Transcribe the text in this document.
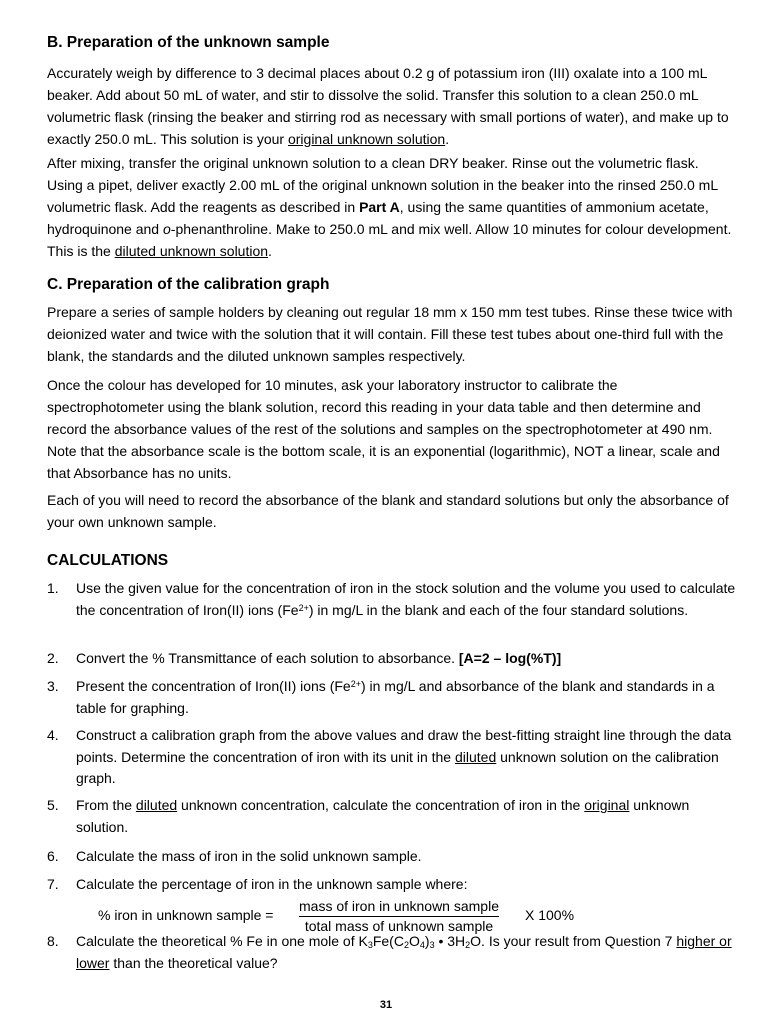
B. Preparation of the unknown sample

Accurately weigh by difference to 3 decimal places about 0.2 g of potassium iron (III) oxalate into a 100 mL beaker. Add about 50 mL of water, and stir to dissolve the solid. Transfer this solution to a clean 250.0 mL volumetric flask (rinsing the beaker and stirring rod as necessary with small portions of water), and make up to exactly 250.0 mL. This solution is your original unknown solution.

After mixing, transfer the original unknown solution to a clean DRY beaker. Rinse out the volumetric flask. Using a pipet, deliver exactly 2.00 mL of the original unknown solution in the beaker into the rinsed 250.0 mL volumetric flask. Add the reagents as described in Part A, using the same quantities of ammonium acetate, hydroquinone and o-phenanthroline. Make to 250.0 mL and mix well. Allow 10 minutes for colour development. This is the diluted unknown solution.

C. Preparation of the calibration graph

Prepare a series of sample holders by cleaning out regular 18 mm x 150 mm test tubes. Rinse these twice with deionized water and twice with the solution that it will contain. Fill these test tubes about one-third full with the blank, the standards and the diluted unknown samples respectively.

Once the colour has developed for 10 minutes, ask your laboratory instructor to calibrate the spectrophotometer using the blank solution, record this reading in your data table and then determine and record the absorbance values of the rest of the solutions and samples on the spectrophotometer at 490 nm. Note that the absorbance scale is the bottom scale, it is an exponential (logarithmic), NOT a linear, scale and that Absorbance has no units.

Each of you will need to record the absorbance of the blank and standard solutions but only the absorbance of your own unknown sample.

CALCULATIONS
1.	Use the given value for the concentration of iron in the stock solution and the volume you used to calculate the concentration of Iron(II) ions $(Fe^{2+})$ in mg/L in the blank and each of the four standard solutions.
2.	Convert the % Transmittance of each solution to absorbance. [A=2 – log(%T)]
3.	Present the concentration of Iron(II) ions $(Fe^{2+})$ in mg/L and absorbance of the blank and standards in a table for graphing.
4.	Construct a calibration graph from the above values and draw the best-fitting straight line through the data points. Determine the concentration of iron with its unit in the diluted unknown solution on the calibration graph.
5.	From the diluted unknown concentration, calculate the concentration of iron in the original unknown solution.
6.	Calculate the mass of iron in the solid unknown sample.
7.	Calculate the percentage of iron in the unknown sample where:
8.	Calculate the theoretical % Fe in one mole of $K_3Fe(C_2O_4)_3$ • $3H_2O$. Is your result from Question 7 higher or lower than the theoretical value?
% iron in unknown sample =
mass of iron in unknown sample
total mass of unknown sample
X 100%
31
